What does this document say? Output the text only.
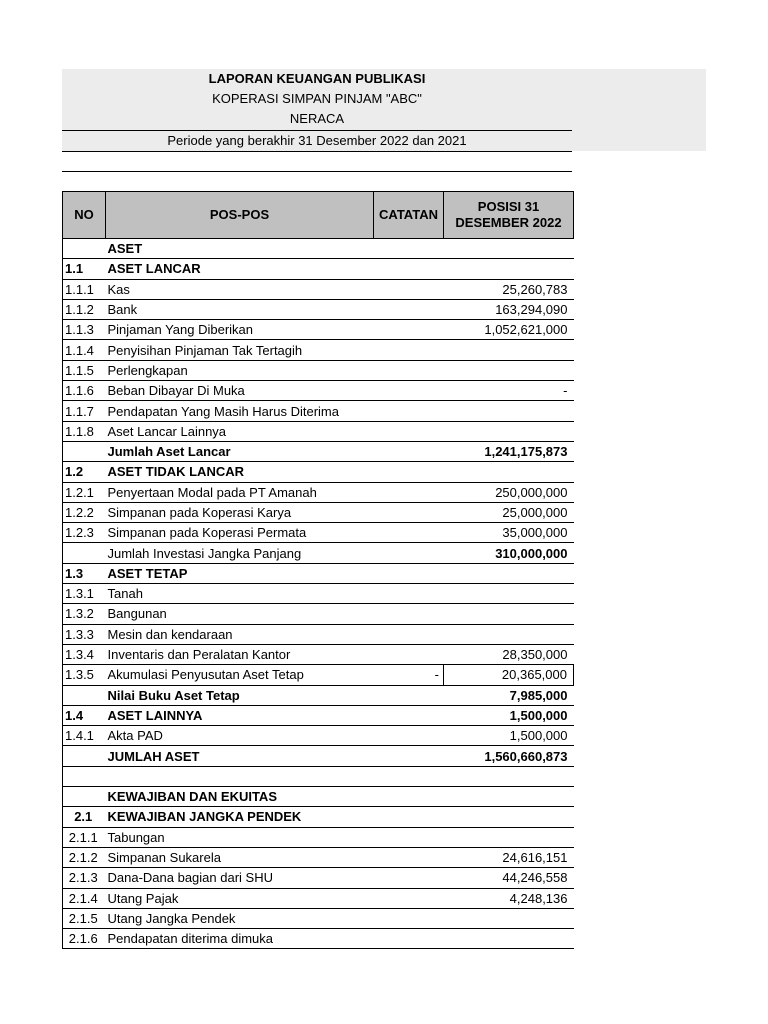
LAPORAN KEUANGAN PUBLIKASI
KOPERASI SIMPAN PINJAM "ABC"
NERACA
Periode yang berakhir 31 Desember 2022 dan 2021
NO	POS-POS	CATATAN	POSISI 31 DESEMBER 2022
	ASET		
1.1	ASET LANCAR		
1.1.1	Kas		25,260,783
1.1.2	Bank		163,294,090
1.1.3	Pinjaman Yang Diberikan		1,052,621,000
1.1.4	Penyisihan Pinjaman Tak Tertagih		
1.1.5	Perlengkapan		
1.1.6	Beban Dibayar Di Muka		-
1.1.7	Pendapatan Yang Masih Harus Diterima		
1.1.8	Aset Lancar Lainnya		
	Jumlah Aset Lancar		1,241,175,873
1.2	ASET TIDAK LANCAR		
1.2.1	Penyertaan Modal pada PT Amanah		250,000,000
1.2.2	Simpanan pada Koperasi Karya		25,000,000
1.2.3	Simpanan pada Koperasi Permata		35,000,000
	Jumlah Investasi Jangka Panjang		310,000,000
1.3	ASET TETAP		
1.3.1	Tanah		
1.3.2	Bangunan		
1.3.3	Mesin dan kendaraan		
1.3.4	Inventaris dan Peralatan Kantor		28,350,000
1.3.5	Akumulasi Penyusutan Aset Tetap	-	20,365,000
	Nilai Buku Aset Tetap		7,985,000
1.4	ASET LAINNYA		1,500,000
1.4.1	Akta PAD		1,500,000
	JUMLAH ASET		1,560,660,873

	KEWAJIBAN DAN EKUITAS		
2.1	KEWAJIBAN JANGKA PENDEK		
2.1.1	Tabungan		
2.1.2	Simpanan Sukarela		24,616,151
2.1.3	Dana-Dana bagian dari SHU		44,246,558
2.1.4	Utang Pajak		4,248,136
2.1.5	Utang Jangka Pendek		
2.1.6	Pendapatan diterima dimuka		
